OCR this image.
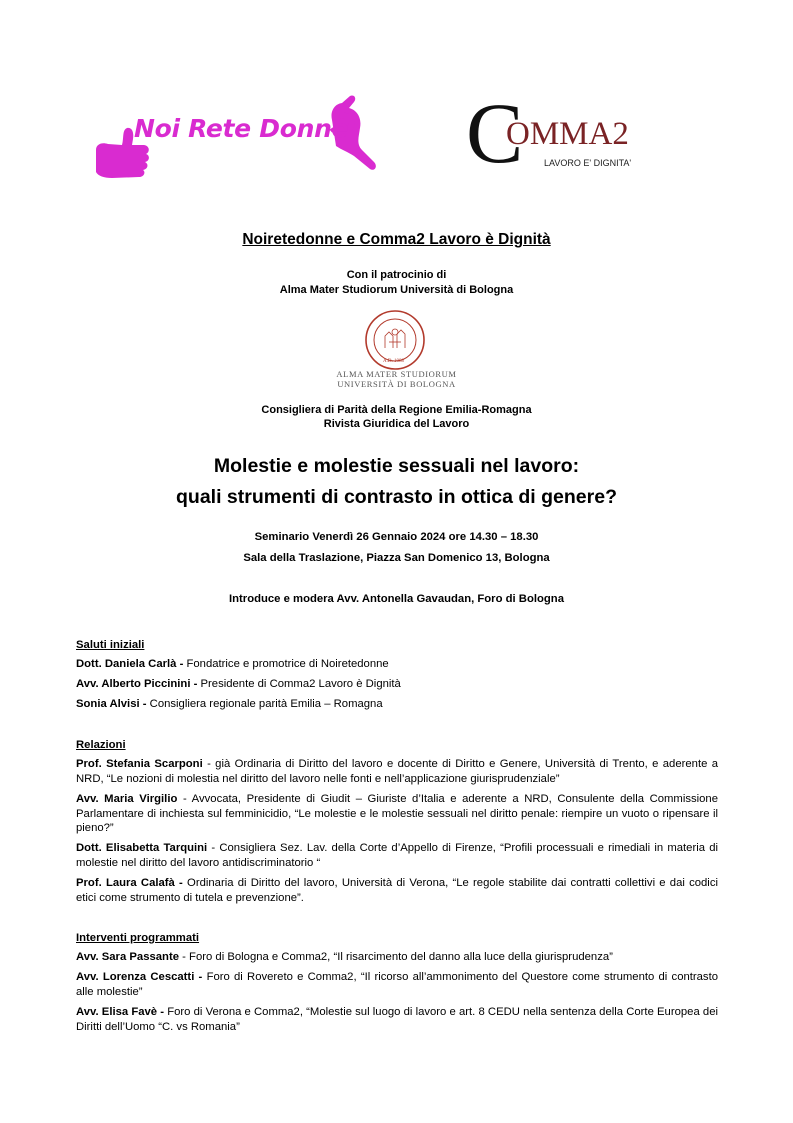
Noi Rete Donne C
OMMA2
LAVORO E' DIGNITA'
Noiretedonne e Comma2 Lavoro è Dignità
Con il patrocinio di
Alma Mater Studiorum Università di Bologna
A.D. 1088
ALMA MATER STUDIORUM
UNIVERSITÀ DI BOLOGNA
Consigliera di Parità della Regione Emilia-Romagna
Rivista Giuridica del Lavoro
Molestie e molestie sessuali nel lavoro:
quali strumenti di contrasto in ottica di genere?
Seminario Venerdì 26 Gennaio 2024 ore 14.30 – 18.30
Sala della Traslazione, Piazza San Domenico 13, Bologna
Introduce e modera Avv. Antonella Gavaudan, Foro di Bologna
Saluti iniziali
Dott. Daniela Carlà - Fondatrice e promotrice di Noiretedonne
Avv. Alberto Piccinini - Presidente di Comma2 Lavoro è Dignità
Sonia Alvisi - Consigliera regionale parità Emilia – Romagna
Relazioni
Prof. Stefania Scarponi - già Ordinaria di Diritto del lavoro e docente di Diritto e Genere, Università di Trento, e aderente a NRD, “Le nozioni di molestia nel diritto del lavoro nelle fonti e nell’applicazione giurisprudenziale”
Avv. Maria Virgilio - Avvocata, Presidente di Giudit – Giuriste d’Italia e aderente a NRD, Consulente della Commissione Parlamentare di inchiesta sul femminicidio, “Le molestie e le molestie sessuali nel diritto penale: riempire un vuoto o ripensare il pieno?”
Dott. Elisabetta Tarquini - Consigliera Sez. Lav. della Corte d’Appello di Firenze, “Profili processuali e rimediali in materia di molestie nel diritto del lavoro antidiscriminatorio “
Prof. Laura Calafà - Ordinaria di Diritto del lavoro, Università di Verona, “Le regole stabilite dai contratti collettivi e dai codici etici come strumento di tutela e prevenzione”.
Interventi programmati
Avv. Sara Passante - Foro di Bologna e Comma2, “Il risarcimento del danno alla luce della giurisprudenza”
Avv. Lorenza Cescatti - Foro di Rovereto e Comma2, “Il ricorso all’ammonimento del Questore come strumento di contrasto alle molestie”
Avv. Elisa Favè - Foro di Verona e Comma2, “Molestie sul luogo di lavoro e art. 8 CEDU nella sentenza della Corte Europea dei Diritti dell’Uomo “C. vs Romania”
